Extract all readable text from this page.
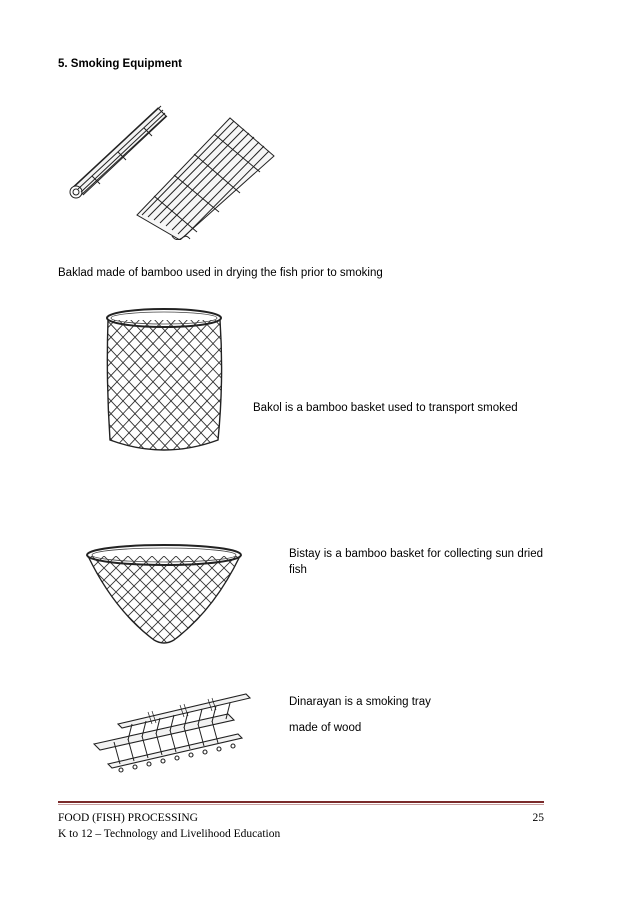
5. Smoking Equipment
Baklad made of bamboo used in drying the fish prior to smoking
Bakol is a bamboo basket used to transport smoked
Bistay is a bamboo basket for collecting sun dried fish
Dinarayan is a smoking tray
made of wood
FOOD (FISH) PROCESSING
K to 12 – Technology and Livelihood Education
25
